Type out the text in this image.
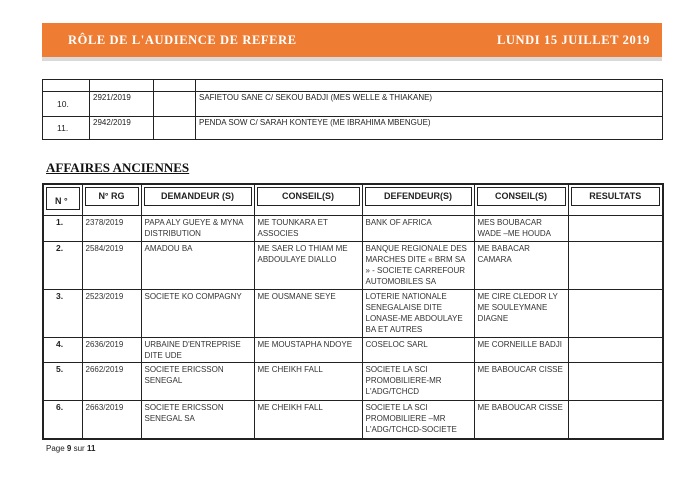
RÔLE DE L'AUDIENCE DE REFERE	LUNDI 15 JUILLET 2019

10.	2921/2019		SAFIETOU SANE C/ SEKOU BADJI (MES WELLE & THIAKANE)
11.	2942/2019		PENDA SOW C/ SARAH KONTEYE (ME IBRAHIMA MBENGUE)
AFFAIRES ANCIENNES
N °	N° RG	DEMANDEUR (S)	CONSEIL(S)	DEFENDEUR(S)	CONSEIL(S)	RESULTATS

1.	2378/2019	PAPA ALY GUEYE & MYNA DISTRIBUTION	ME TOUNKARA ET ASSOCIES	BANK OF AFRICA	MES BOUBACAR WADE –ME HOUDA	
2.	2584/2019	AMADOU BA	ME SAER LO THIAM ME ABDOULAYE DIALLO	BANQUE REGIONALE DES MARCHES DITE « BRM SA » - SOCIETE CARREFOUR AUTOMOBILES SA	ME BABACAR CAMARA	
3.	2523/2019	SOCIETE KO COMPAGNY	ME OUSMANE SEYE	LOTERIE NATIONALE SENEGALAISE DITE LONASE-ME ABDOULAYE BA ET AUTRES	ME CIRE CLEDOR LY ME SOULEYMANE DIAGNE	
4.	2636/2019	URBAINE D'ENTREPRISE DITE UDE	ME MOUSTAPHA NDOYE	COSELOC SARL	ME CORNEILLE BADJI	
5.	2662/2019	SOCIETE ERICSSON SENEGAL	ME CHEIKH FALL	SOCIETE LA SCI PROMOBILIERE-MR L'ADG/TCHCD	ME BABOUCAR CISSE	
6.	2663/2019	SOCIETE ERICSSON SENEGAL SA	ME CHEIKH FALL	SOCIETE LA SCI PROMOBILIERE –MR L'ADG/TCHCD-SOCIETE	ME BABOUCAR CISSE	
Page 9 sur 11
